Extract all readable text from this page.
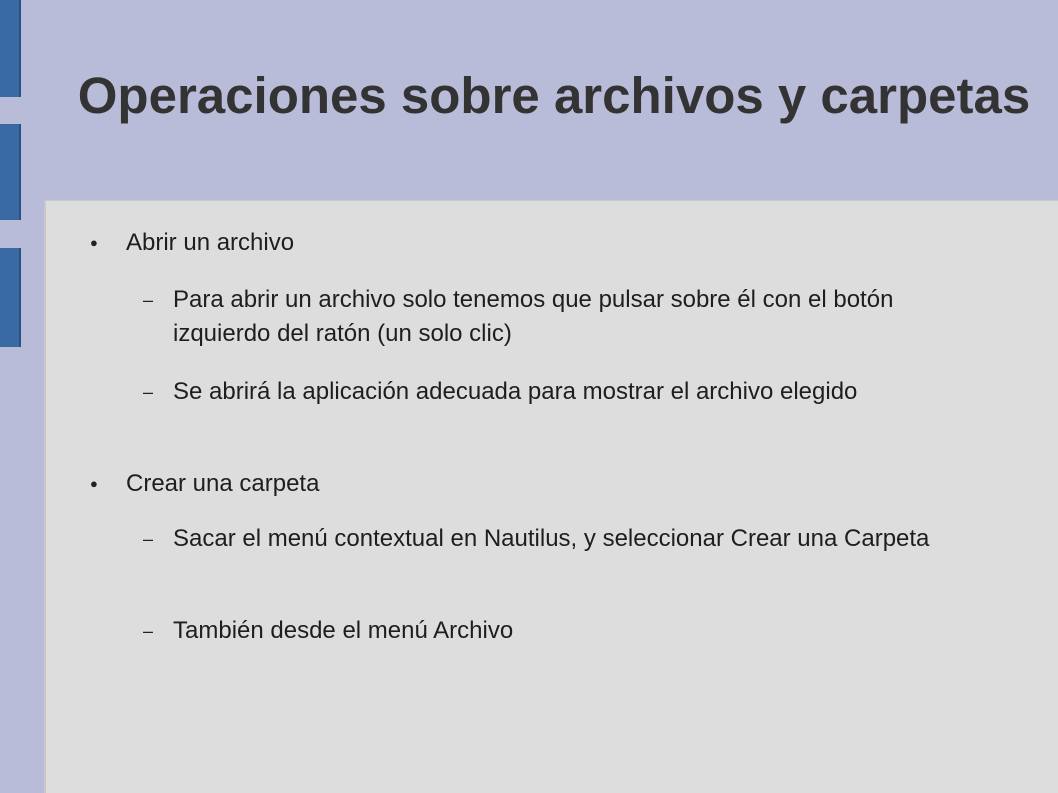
Operaciones sobre archivos y carpetas
● Abrir un archivo
– Para abrir un archivo solo tenemos que pulsar sobre él con el botón izquierdo del ratón (un solo clic)
– Se abrirá la aplicación adecuada para mostrar el archivo elegido
● Crear una carpeta
– Sacar el menú contextual en Nautilus, y seleccionar Crear una Carpeta
– También desde el menú Archivo
